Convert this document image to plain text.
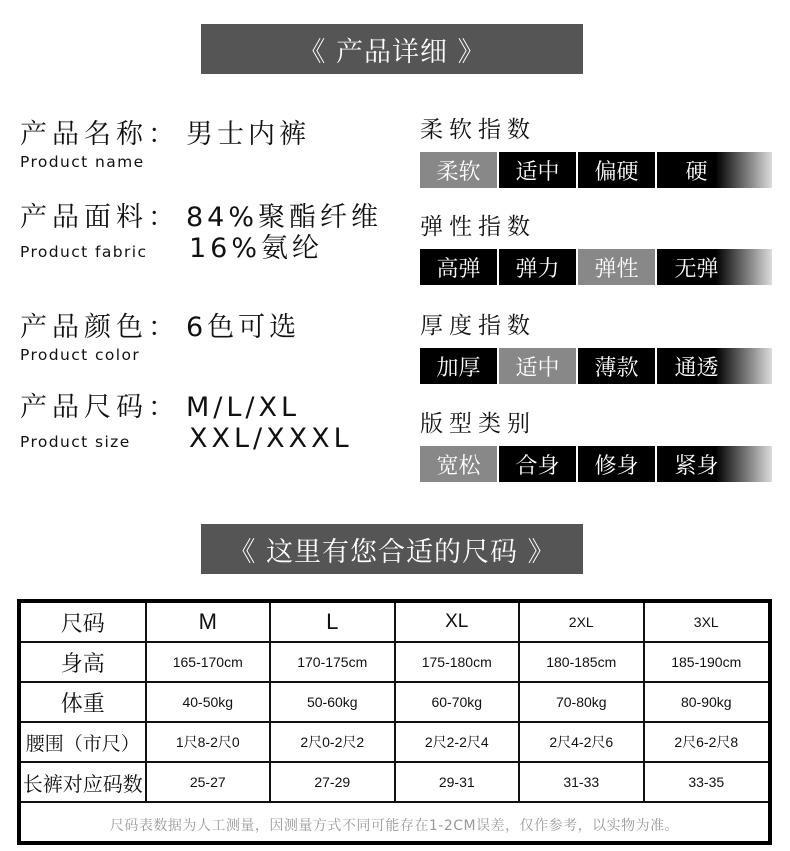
《 产品详细 》
产品名称： 男士内裤
Product name
产品面料： 84%聚酯纤维
Product fabric	16%氨纶
产品颜色： 6色可选
Product color
产品尺码： M/L/XL
Product size	XXL/XXXL
柔软指数
柔软	适中	偏硬	硬
弹性指数
高弹	弹力	弹性	无弹
厚度指数
加厚	适中	薄款	通透
版型类别
宽松	合身	修身	紧身
《 这里有您合适的尺码 》
尺码	M	L	XL	2XL	3XL
身高	165-170cm	170-175cm	175-180cm	180-185cm	185-190cm
体重	40-50kg	50-60kg	60-70kg	70-80kg	80-90kg
腰围（市尺）	1尺8-2尺0	2尺0-2尺2	2尺2-2尺4	2尺4-2尺6	2尺6-2尺8
长裤对应码数	25-27	27-29	29-31	31-33	33-35
尺码表数据为人工测量，因测量方式不同可能存在1-2CM误差，仅作参考，以实物为准。
